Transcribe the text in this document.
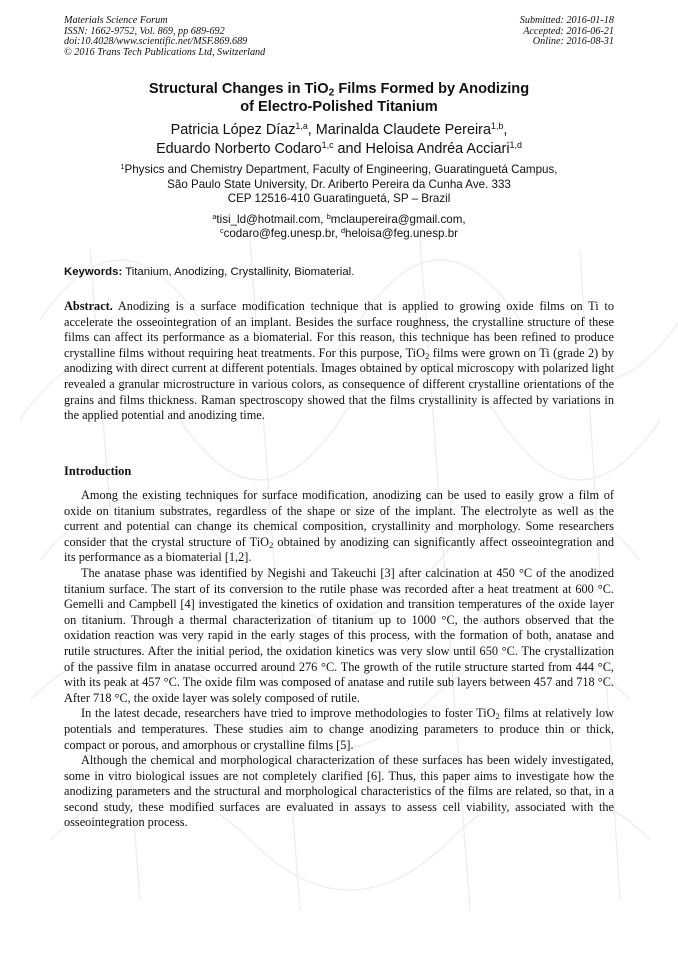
Materials Science Forum
ISSN: 1662-9752, Vol. 869, pp 689-692
doi:10.4028/www.scientific.net/MSF.869.689
© 2016 Trans Tech Publications Ltd, Switzerland
Submitted: 2016-01-18
Accepted: 2016-06-21
Online: 2016-08-31
Structural Changes in TiO$_2$ Films Formed by Anodizing
of Electro-Polished Titanium
Patricia López Díaz$^{1,a}$, Marinalda Claudete Pereira$^{1,b}$,
Eduardo Norberto Codaro$^{1,c}$ and Heloisa Andréa Acciari$^{1,d}$
$^1$Physics and Chemistry Department, Faculty of Engineering, Guaratinguetá Campus,
São Paulo State University, Dr. Ariberto Pereira da Cunha Ave. 333
CEP 12516-410 Guaratinguetá, SP – Brazil
$^a$tisi_ld@hotmail.com, $^b$mclaupereira@gmail.com,
$^c$codaro@feg.unesp.br, $^d$heloisa@feg.unesp.br
Keywords: Titanium, Anodizing, Crystallinity, Biomaterial.
Abstract. Anodizing is a surface modification technique that is applied to growing oxide films on Ti to accelerate the osseointegration of an implant. Besides the surface roughness, the crystalline structure of these films can affect its performance as a biomaterial. For this reason, this technique has been refined to produce crystalline films without requiring heat treatments. For this purpose, TiO$_2$ films were grown on Ti (grade 2) by anodizing with direct current at different potentials. Images obtained by optical microscopy with polarized light revealed a granular microstructure in various colors, as consequence of different crystalline orientations of the grains and films thickness. Raman spectroscopy showed that the films crystallinity is affected by variations in the applied potential and anodizing time.
Introduction

Among the existing techniques for surface modification, anodizing can be used to easily grow a film of oxide on titanium substrates, regardless of the shape or size of the implant. The electrolyte as well as the current and potential can change its chemical composition, crystallinity and morphology. Some researchers consider that the crystal structure of TiO$_2$ obtained by anodizing can significantly affect osseointegration and its performance as a biomaterial [1,2].

The anatase phase was identified by Negishi and Takeuchi [3] after calcination at 450 °C of the anodized titanium surface. The start of its conversion to the rutile phase was recorded after a heat treatment at 600 °C. Gemelli and Campbell [4] investigated the kinetics of oxidation and transition temperatures of the oxide layer on titanium. Through a thermal characterization of titanium up to 1000 °C, the authors observed that the oxidation reaction was very rapid in the early stages of this process, with the formation of both, anatase and rutile structures. After the initial period, the oxidation kinetics was very slow until 650 °C. The crystallization of the passive film in anatase occurred around 276 °C. The growth of the rutile structure started from 444 °C, with its peak at 457 °C. The oxide film was composed of anatase and rutile sub layers between 457 and 718 °C. After 718 °C, the oxide layer was solely composed of rutile.

In the latest decade, researchers have tried to improve methodologies to foster TiO$_2$ films at relatively low potentials and temperatures. These studies aim to change anodizing parameters to produce thin or thick, compact or porous, and amorphous or crystalline films [5].

Although the chemical and morphological characterization of these surfaces has been widely investigated, some in vitro biological issues are not completely clarified [6]. Thus, this paper aims to investigate how the anodizing parameters and the structural and morphological characteristics of the films are related, so that, in a second study, these modified surfaces are evaluated in assays to assess cell viability, associated with the osseointegration process.
